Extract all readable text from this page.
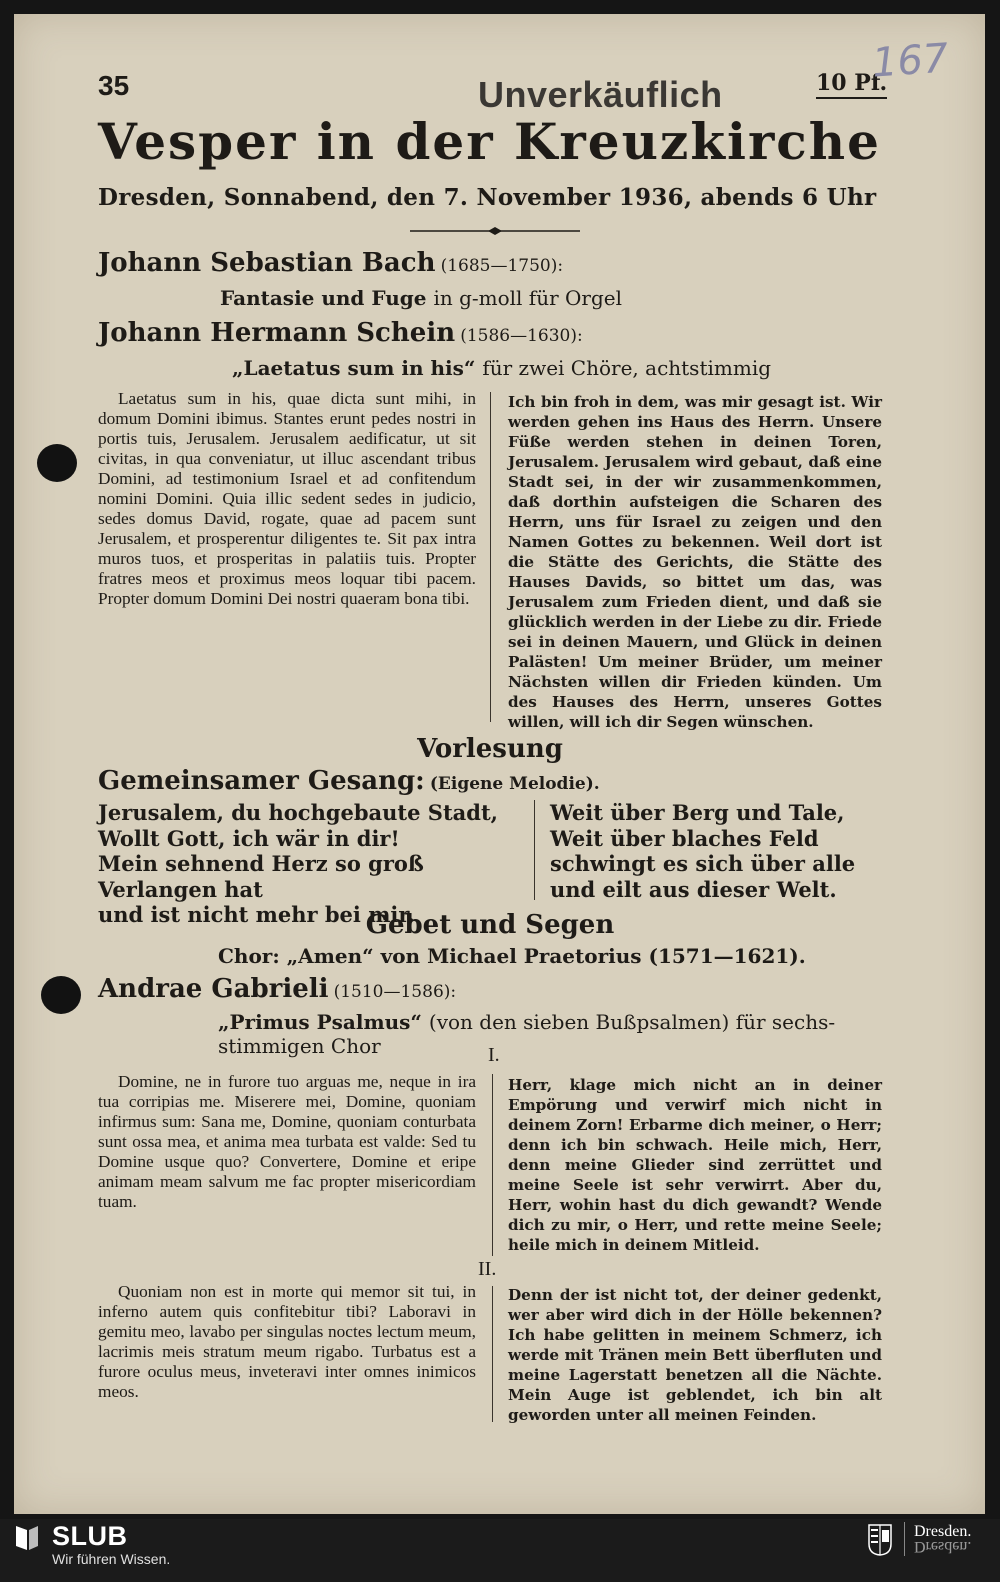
35	Unverkäuflich	10 Pf.
167
Vesper in der Kreuzkirche
Dresden, Sonnabend, den 7. November 1936, abends 6 Uhr
Johann Sebastian Bach (1685—1750):
Fantasie und Fuge in g-moll für Orgel
Johann Hermann Schein (1586—1630):
„Laetatus sum in his“ für zwei Chöre, achtstimmig
Laetatus sum in his, quae dicta sunt mihi, in domum Domini ibimus. Stantes erunt pedes nostri in portis tuis, Jerusalem. Jerusalem aedificatur, ut sit civitas, in qua conveniatur, ut illuc ascendant tribus Domini, ad testimonium Israel et ad confitendum nomini Domini. Quia illic sedent sedes in judicio, sedes domus David, rogate, quae ad pacem sunt Jerusalem, et prosperentur diligentes te. Sit pax intra muros tuos, et prosperitas in palatiis tuis. Propter fratres meos et proximus meos loquar tibi pacem. Propter domum Domini Dei nostri quaeram bona tibi.
Ich bin froh in dem, was mir gesagt ist. Wir werden gehen ins Haus des Herrn. Unsere Füße werden stehen in deinen Toren, Jerusalem. Jerusalem wird gebaut, daß eine Stadt sei, in der wir zusammenkommen, daß dorthin aufsteigen die Scharen des Herrn, uns für Israel zu zeigen und den Namen Gottes zu bekennen. Weil dort ist die Stätte des Gerichts, die Stätte des Hauses Davids, so bittet um das, was Jerusalem zum Frieden dient, und daß sie glücklich werden in der Liebe zu dir. Friede sei in deinen Mauern, und Glück in deinen Palästen! Um meiner Brüder, um meiner Nächsten willen dir Frieden künden. Um des Hauses des Herrn, unseres Gottes willen, will ich dir Segen wünschen.
Vorlesung
Gemeinsamer Gesang: (Eigene Melodie).
Jerusalem, du hochgebaute Stadt,
Wollt Gott, ich wär in dir!
Mein sehnend Herz so groß Verlangen hat
und ist nicht mehr bei mir.
Weit über Berg und Tale,
Weit über blaches Feld
schwingt es sich über alle
und eilt aus dieser Welt.
Gebet und Segen
Chor: „Amen“ von Michael Praetorius (1571—1621).
Andrae Gabrieli (1510—1586):
„Primus Psalmus“ (von den sieben Bußpsalmen) für sechs-
stimmigen Chor	I.
Domine, ne in furore tuo arguas me, neque in ira tua corripias me. Miserere mei, Domine, quoniam infirmus sum: Sana me, Domine, quoniam conturbata sunt ossa mea, et anima mea turbata est valde: Sed tu Domine usque quo? Convertere, Domine et eripe animam meam salvum me fac propter misericordiam tuam.
Herr, klage mich nicht an in deiner Empörung und verwirf mich nicht in deinem Zorn! Erbarme dich meiner, o Herr; denn ich bin schwach. Heile mich, Herr, denn meine Glieder sind zerrüttet und meine Seele ist sehr verwirrt. Aber du, Herr, wohin hast du dich gewandt? Wende dich zu mir, o Herr, und rette meine Seele; heile mich in deinem Mitleid.
II.
Quoniam non est in morte qui memor sit tui, in inferno autem quis confitebitur tibi? Laboravi in gemitu meo, lavabo per singulas noctes lectum meum, lacrimis meis stratum meum rigabo. Turbatus est a furore oculus meus, inveteravi inter omnes inimicos meos.
Denn der ist nicht tot, der deiner gedenkt, wer aber wird dich in der Hölle bekennen? Ich habe gelitten in meinem Schmerz, ich werde mit Tränen mein Bett überfluten und meine Lagerstatt benetzen all die Nächte. Mein Auge ist geblendet, ich bin alt geworden unter all meinen Feinden.
SLUB
Wir führen Wissen.
Dresden.
Dresden.
